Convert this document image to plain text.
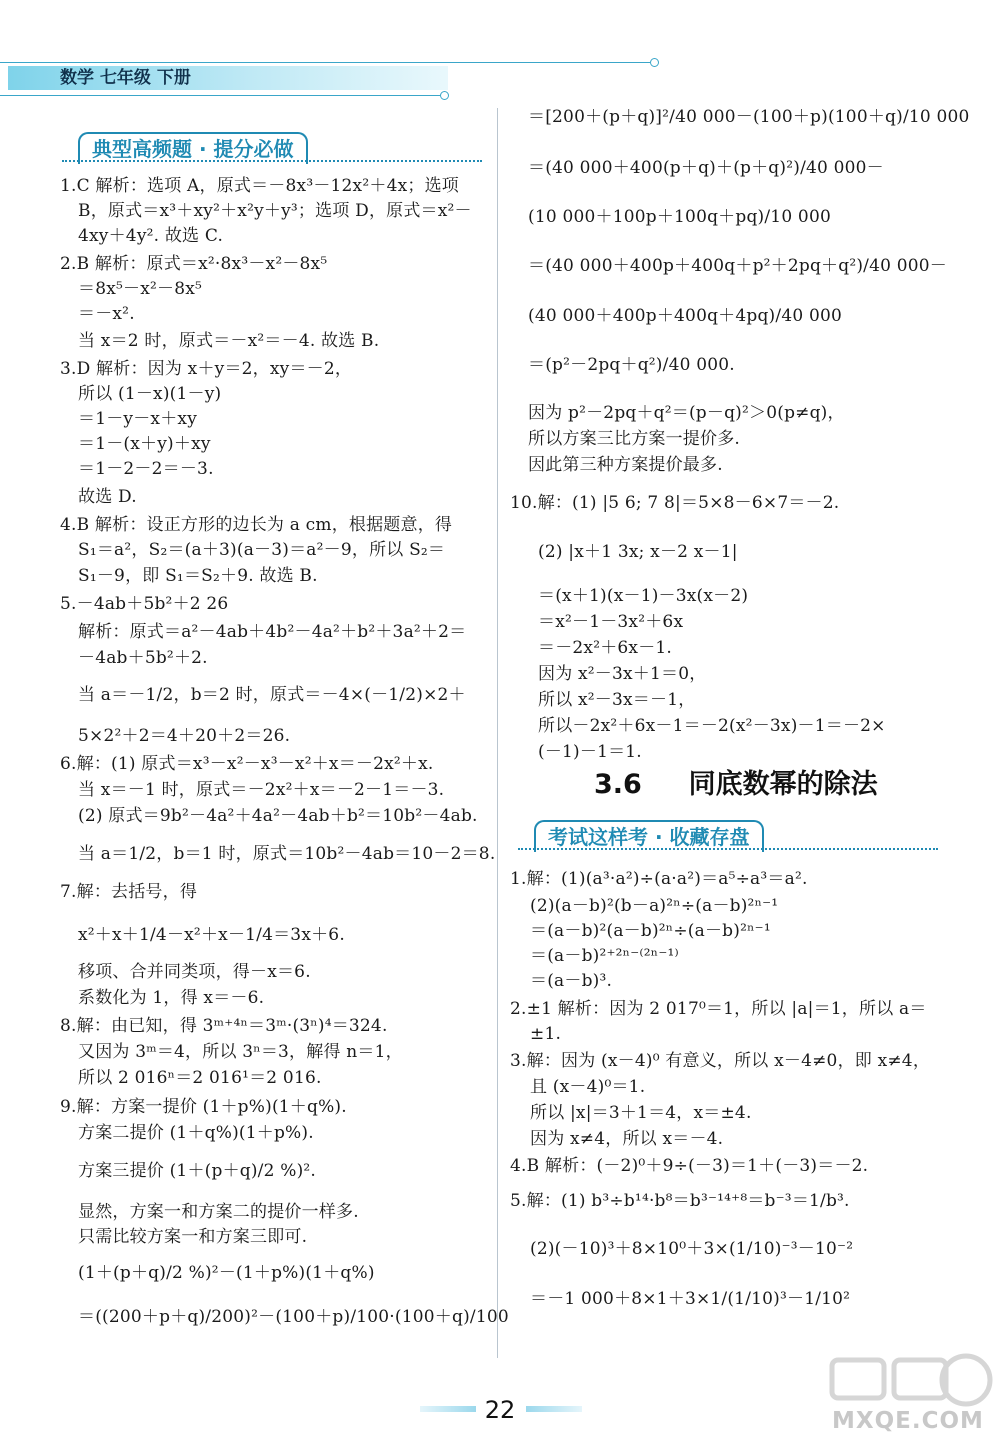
数学 七年级 下册
典型高频题 · 提分必做
1.C 解析：选项 A，原式＝－8x³－12x²＋4x；选项
B，原式＝x³＋xy²＋x²y＋y³；选项 D，原式＝x²－
4xy＋4y². 故选 C.
2.B 解析：原式＝x²·8x³－x²－8x⁵
＝8x⁵－x²－8x⁵
＝－x².
当 x＝2 时，原式＝－x²＝－4. 故选 B.
3.D 解析：因为 x＋y＝2，xy＝－2，
所以 (1－x)(1－y)
＝1－y－x＋xy
＝1－(x＋y)＋xy
＝1－2－2＝－3.
故选 D.
4.B 解析：设正方形的边长为 a cm，根据题意，得
S₁＝a²，S₂＝(a＋3)(a－3)＝a²－9，所以 S₂＝
S₁－9，即 S₁＝S₂＋9. 故选 B.
5.－4ab＋5b²＋2 26
解析：原式＝a²－4ab＋4b²－4a²＋b²＋3a²＋2＝
－4ab＋5b²＋2.
当 a＝－1/2，b＝2 时，原式＝－4×(－1/2)×2＋
5×2²＋2＝4＋20＋2＝26.
6.解：(1) 原式＝x³－x²－x³－x²＋x＝－2x²＋x.
当 x＝－1 时，原式＝－2x²＋x＝－2－1＝－3.
(2) 原式＝9b²－4a²＋4a²－4ab＋b²＝10b²－4ab.
当 a＝1/2，b＝1 时，原式＝10b²－4ab＝10－2＝8.
7.解：去括号，得
x²＋x＋1/4－x²＋x－1/4＝3x＋6.
移项、合并同类项，得－x＝6.
系数化为 1，得 x＝－6.
8.解：由已知，得 3ᵐ⁺⁴ⁿ＝3ᵐ·(3ⁿ)⁴＝324.
又因为 3ᵐ＝4，所以 3ⁿ＝3，解得 n＝1，
所以 2 016ⁿ＝2 016¹＝2 016.
9.解：方案一提价 (1＋p%)(1＋q%).
方案二提价 (1＋q%)(1＋p%).
方案三提价 (1＋(p＋q)/2 %)².
显然，方案一和方案二的提价一样多.
只需比较方案一和方案三即可.
(1＋(p＋q)/2 %)²－(1＋p%)(1＋q%)
＝((200＋p＋q)/200)²－(100＋p)/100·(100＋q)/100
＝[200＋(p＋q)]²/40 000－(100＋p)(100＋q)/10 000
＝(40 000＋400(p＋q)＋(p＋q)²)/40 000－
(10 000＋100p＋100q＋pq)/10 000
＝(40 000＋400p＋400q＋p²＋2pq＋q²)/40 000－
(40 000＋400p＋400q＋4pq)/40 000
＝(p²－2pq＋q²)/40 000.
因为 p²－2pq＋q²＝(p－q)²＞0(p≠q)，
所以方案三比方案一提价多.
因此第三种方案提价最多.
10.解：(1) |5 6; 7 8|＝5×8－6×7＝－2.
(2) |x＋1 3x; x－2 x－1|
＝(x＋1)(x－1)－3x(x－2)
＝x²－1－3x²＋6x
＝－2x²＋6x－1.
因为 x²－3x＋1＝0，
所以 x²－3x＝－1，
所以－2x²＋6x－1＝－2(x²－3x)－1＝－2×
(－1)－1＝1.
1.解：(1)(a³·a²)÷(a·a²)＝a⁵÷a³＝a².
(2)(a－b)²(b－a)²ⁿ÷(a－b)²ⁿ⁻¹
＝(a－b)²(a－b)²ⁿ÷(a－b)²ⁿ⁻¹
＝(a－b)²⁺²ⁿ⁻⁽²ⁿ⁻¹⁾
＝(a－b)³.
2.±1 解析：因为 2 017⁰＝1，所以 |a|＝1，所以 a＝
±1.
3.解：因为 (x－4)⁰ 有意义，所以 x－4≠0，即 x≠4，
且 (x－4)⁰＝1.
所以 |x|＝3＋1＝4，x＝±4.
因为 x≠4，所以 x＝－4.
4.B 解析：(－2)⁰＋9÷(－3)＝1＋(－3)＝－2.
5.解：(1) b³÷b¹⁴·b⁸＝b³⁻¹⁴⁺⁸＝b⁻³＝1/b³.
(2)(－10)³＋8×10⁰＋3×(1/10)⁻³－10⁻²
＝－1 000＋8×1＋3×1/(1/10)³－1/10²
3.6 同底数幂的除法
考试这样考 · 收藏存盘
22	MXQE.COM
